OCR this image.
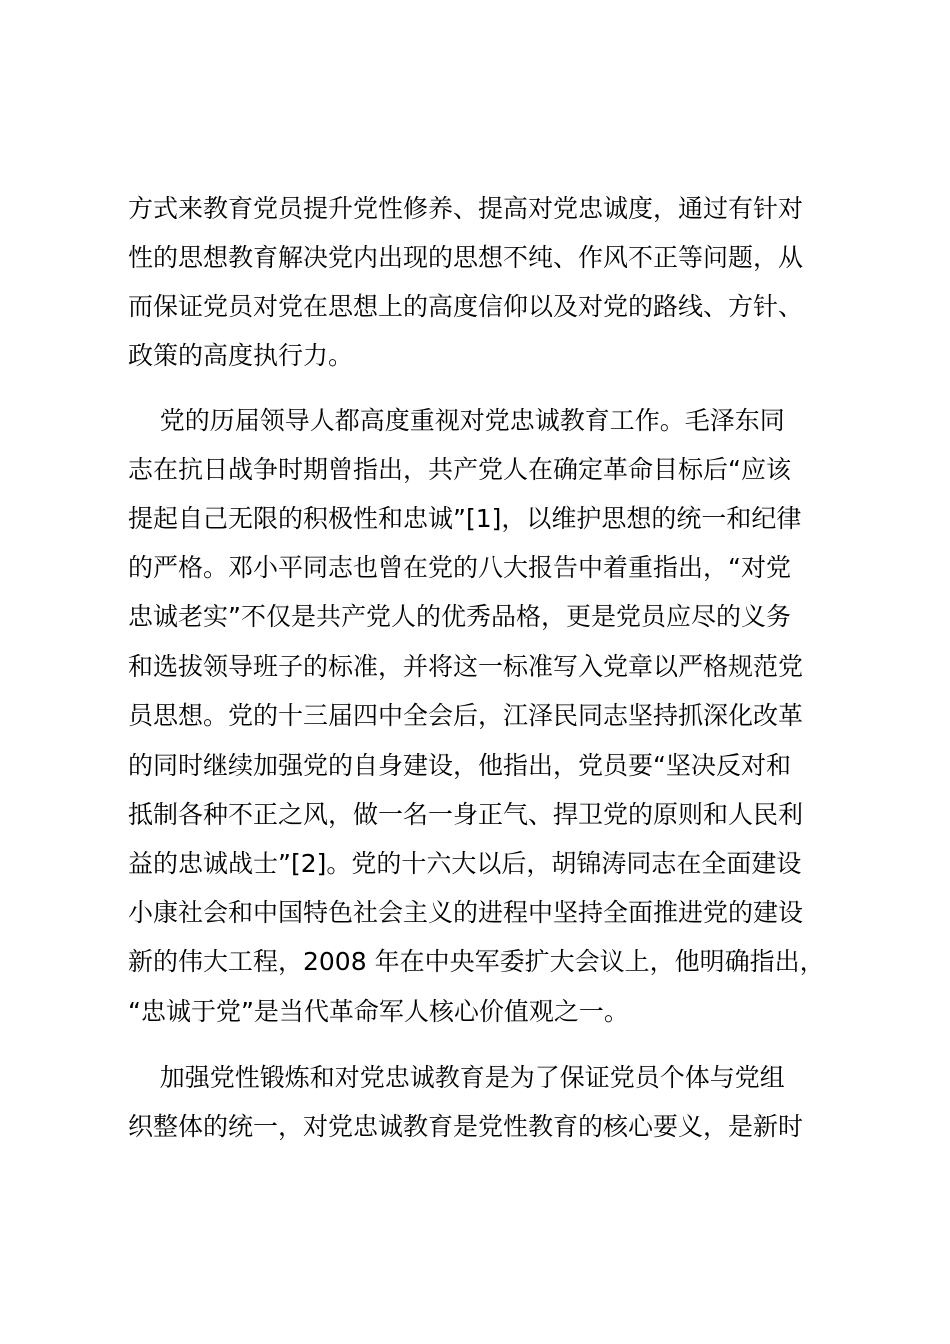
方式来教育党员提升党性修养、提高对党忠诚度，通过有针对
性的思想教育解决党内出现的思想不纯、作风不正等问题，从
而保证党员对党在思想上的高度信仰以及对党的路线、方针、
政策的高度执行力。
党的历届领导人都高度重视对党忠诚教育工作。毛泽东同
志在抗日战争时期曾指出，共产党人在确定革命目标后“应该
提起自己无限的积极性和忠诚”[1]，以维护思想的统一和纪律
的严格。邓小平同志也曾在党的八大报告中着重指出，“对党
忠诚老实”不仅是共产党人的优秀品格，更是党员应尽的义务
和选拔领导班子的标准，并将这一标准写入党章以严格规范党
员思想。党的十三届四中全会后，江泽民同志坚持抓深化改革
的同时继续加强党的自身建设，他指出，党员要“坚决反对和
抵制各种不正之风，做一名一身正气、捍卫党的原则和人民利
益的忠诚战士”[2]。党的十六大以后，胡锦涛同志在全面建设
小康社会和中国特色社会主义的进程中坚持全面推进党的建设
新的伟大工程，2008 年在中央军委扩大会议上，他明确指出，
“忠诚于党”是当代革命军人核心价值观之一。
加强党性锻炼和对党忠诚教育是为了保证党员个体与党组
织整体的统一，对党忠诚教育是党性教育的核心要义，是新时
